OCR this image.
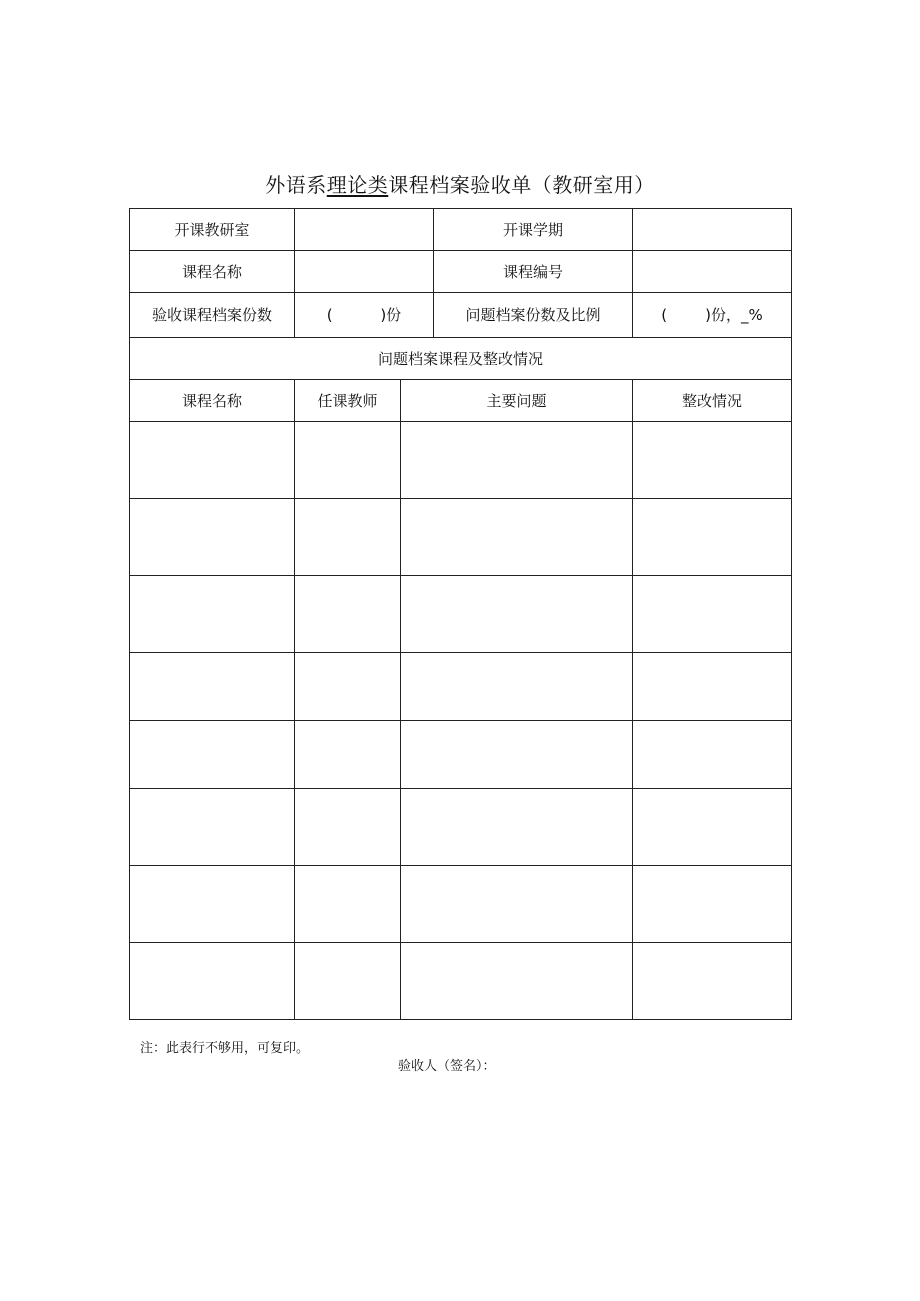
外语系理论类课程档案验收单（教研室用）
开课教研室			开课学期	
课程名称			课程编号	
验收课程档案份数	(          )份		问题档案份数及比例	(        )份，_%
问题档案课程及整改情况				
课程名称	任课教师	主要问题		整改情况

注：此表行不够用，可复印。
验收人（签名）：
